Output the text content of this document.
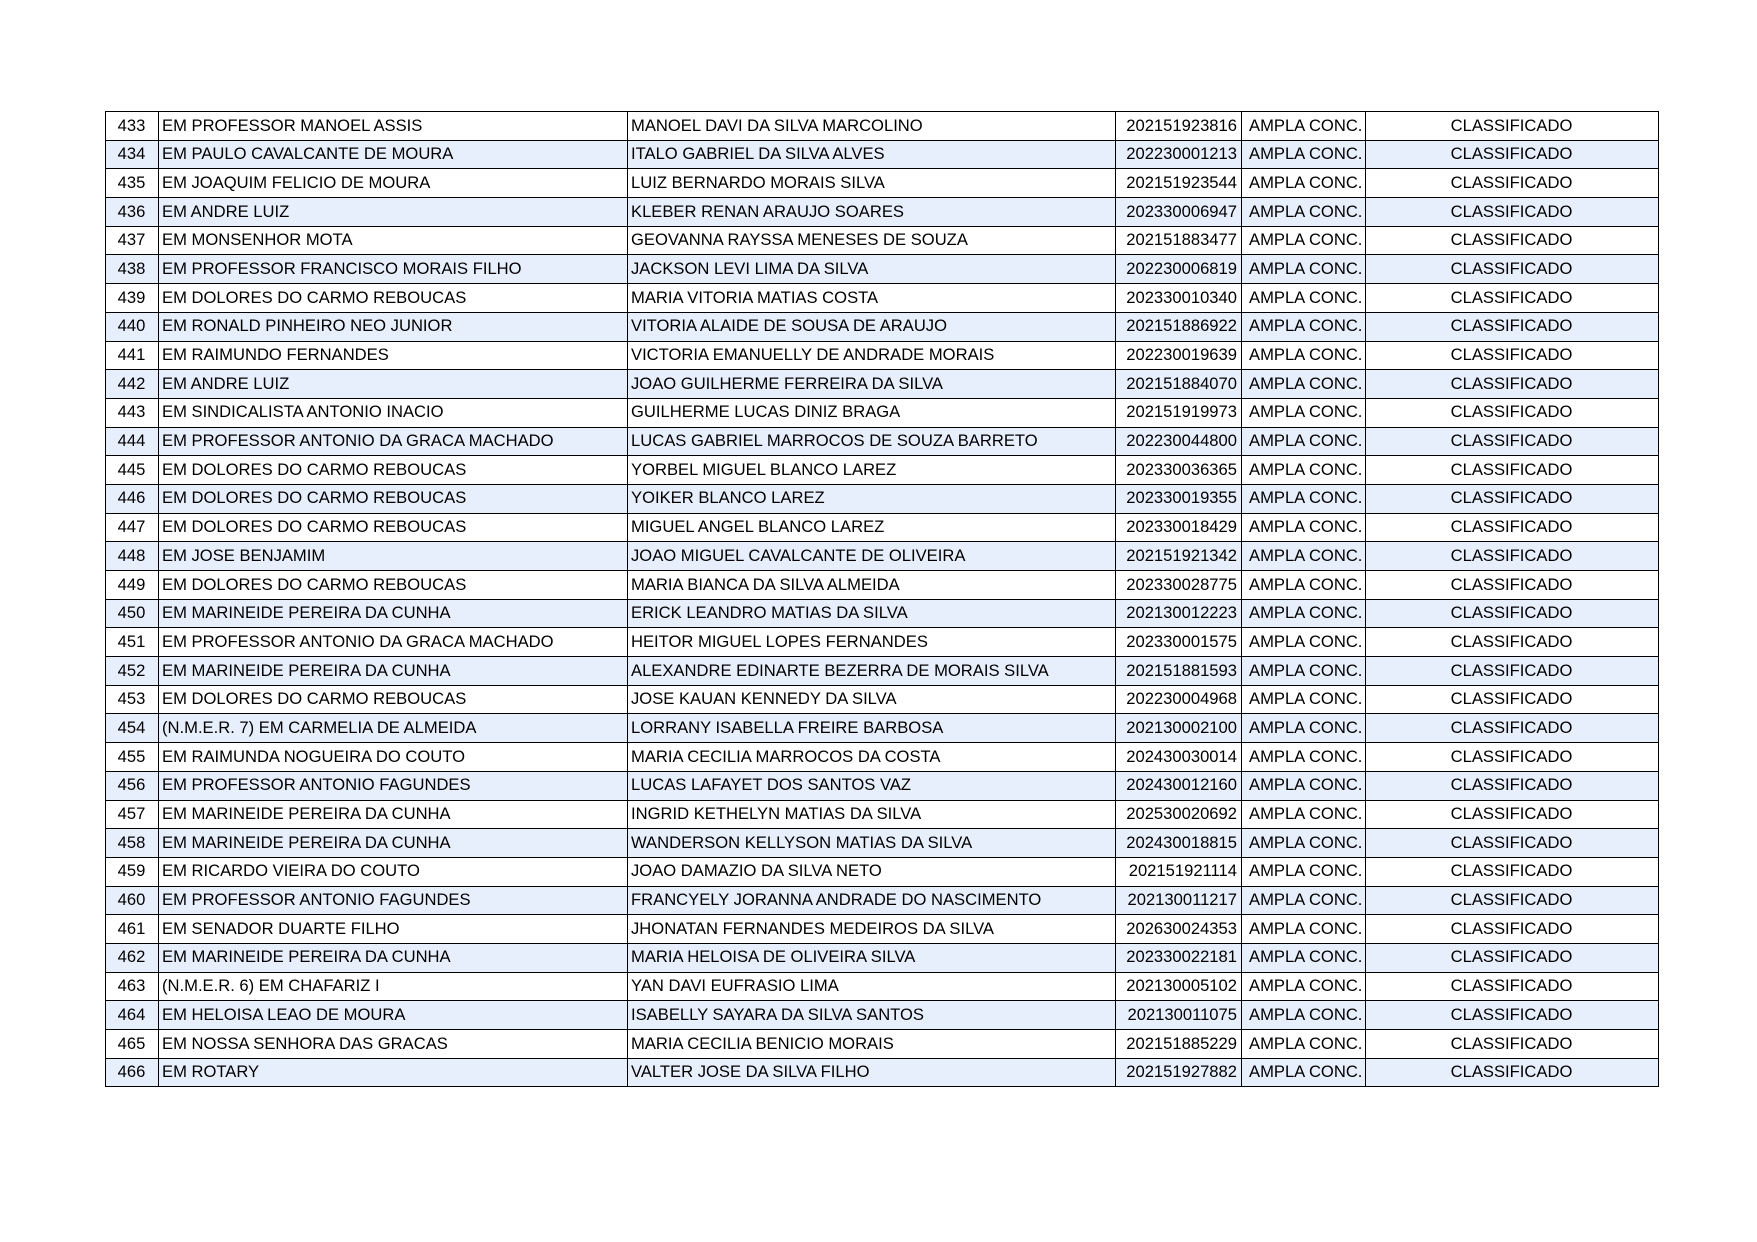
433	EM PROFESSOR MANOEL ASSIS	MANOEL DAVI DA SILVA MARCOLINO	202151923816	AMPLA CONC.	CLASSIFICADO
434	EM PAULO CAVALCANTE DE MOURA	ITALO GABRIEL DA SILVA ALVES	202230001213	AMPLA CONC.	CLASSIFICADO
435	EM JOAQUIM FELICIO DE MOURA	LUIZ BERNARDO MORAIS SILVA	202151923544	AMPLA CONC.	CLASSIFICADO
436	EM ANDRE LUIZ	KLEBER RENAN ARAUJO SOARES	202330006947	AMPLA CONC.	CLASSIFICADO
437	EM MONSENHOR MOTA	GEOVANNA RAYSSA MENESES DE SOUZA	202151883477	AMPLA CONC.	CLASSIFICADO
438	EM PROFESSOR FRANCISCO MORAIS FILHO	JACKSON LEVI LIMA DA SILVA	202230006819	AMPLA CONC.	CLASSIFICADO
439	EM DOLORES DO CARMO REBOUCAS	MARIA VITORIA MATIAS COSTA	202330010340	AMPLA CONC.	CLASSIFICADO
440	EM RONALD PINHEIRO NEO JUNIOR	VITORIA ALAIDE DE SOUSA DE ARAUJO	202151886922	AMPLA CONC.	CLASSIFICADO
441	EM RAIMUNDO FERNANDES	VICTORIA EMANUELLY DE ANDRADE MORAIS	202230019639	AMPLA CONC.	CLASSIFICADO
442	EM ANDRE LUIZ	JOAO GUILHERME FERREIRA DA SILVA	202151884070	AMPLA CONC.	CLASSIFICADO
443	EM SINDICALISTA ANTONIO INACIO	GUILHERME LUCAS DINIZ BRAGA	202151919973	AMPLA CONC.	CLASSIFICADO
444	EM PROFESSOR ANTONIO DA GRACA MACHADO	LUCAS GABRIEL MARROCOS DE SOUZA BARRETO	202230044800	AMPLA CONC.	CLASSIFICADO
445	EM DOLORES DO CARMO REBOUCAS	YORBEL MIGUEL BLANCO LAREZ	202330036365	AMPLA CONC.	CLASSIFICADO
446	EM DOLORES DO CARMO REBOUCAS	YOIKER BLANCO LAREZ	202330019355	AMPLA CONC.	CLASSIFICADO
447	EM DOLORES DO CARMO REBOUCAS	MIGUEL ANGEL BLANCO LAREZ	202330018429	AMPLA CONC.	CLASSIFICADO
448	EM JOSE BENJAMIM	JOAO MIGUEL CAVALCANTE DE OLIVEIRA	202151921342	AMPLA CONC.	CLASSIFICADO
449	EM DOLORES DO CARMO REBOUCAS	MARIA BIANCA DA SILVA ALMEIDA	202330028775	AMPLA CONC.	CLASSIFICADO
450	EM MARINEIDE PEREIRA DA CUNHA	ERICK LEANDRO MATIAS DA SILVA	202130012223	AMPLA CONC.	CLASSIFICADO
451	EM PROFESSOR ANTONIO DA GRACA MACHADO	HEITOR MIGUEL LOPES FERNANDES	202330001575	AMPLA CONC.	CLASSIFICADO
452	EM MARINEIDE PEREIRA DA CUNHA	ALEXANDRE EDINARTE BEZERRA DE MORAIS SILVA	202151881593	AMPLA CONC.	CLASSIFICADO
453	EM DOLORES DO CARMO REBOUCAS	JOSE KAUAN KENNEDY DA SILVA	202230004968	AMPLA CONC.	CLASSIFICADO
454	(N.M.E.R. 7) EM CARMELIA DE ALMEIDA	LORRANY ISABELLA FREIRE BARBOSA	202130002100	AMPLA CONC.	CLASSIFICADO
455	EM RAIMUNDA NOGUEIRA DO COUTO	MARIA CECILIA MARROCOS DA COSTA	202430030014	AMPLA CONC.	CLASSIFICADO
456	EM PROFESSOR ANTONIO FAGUNDES	LUCAS LAFAYET DOS SANTOS VAZ	202430012160	AMPLA CONC.	CLASSIFICADO
457	EM MARINEIDE PEREIRA DA CUNHA	INGRID KETHELYN MATIAS DA SILVA	202530020692	AMPLA CONC.	CLASSIFICADO
458	EM MARINEIDE PEREIRA DA CUNHA	WANDERSON KELLYSON MATIAS DA SILVA	202430018815	AMPLA CONC.	CLASSIFICADO
459	EM RICARDO VIEIRA DO COUTO	JOAO DAMAZIO DA SILVA NETO	202151921114	AMPLA CONC.	CLASSIFICADO
460	EM PROFESSOR ANTONIO FAGUNDES	FRANCYELY JORANNA ANDRADE DO NASCIMENTO	202130011217	AMPLA CONC.	CLASSIFICADO
461	EM SENADOR DUARTE FILHO	JHONATAN FERNANDES MEDEIROS DA SILVA	202630024353	AMPLA CONC.	CLASSIFICADO
462	EM MARINEIDE PEREIRA DA CUNHA	MARIA HELOISA DE OLIVEIRA SILVA	202330022181	AMPLA CONC.	CLASSIFICADO
463	(N.M.E.R. 6) EM CHAFARIZ I	YAN DAVI EUFRASIO LIMA	202130005102	AMPLA CONC.	CLASSIFICADO
464	EM HELOISA LEAO DE MOURA	ISABELLY SAYARA DA SILVA SANTOS	202130011075	AMPLA CONC.	CLASSIFICADO
465	EM NOSSA SENHORA DAS GRACAS	MARIA CECILIA BENICIO MORAIS	202151885229	AMPLA CONC.	CLASSIFICADO
466	EM ROTARY	VALTER JOSE DA SILVA FILHO	202151927882	AMPLA CONC.	CLASSIFICADO
